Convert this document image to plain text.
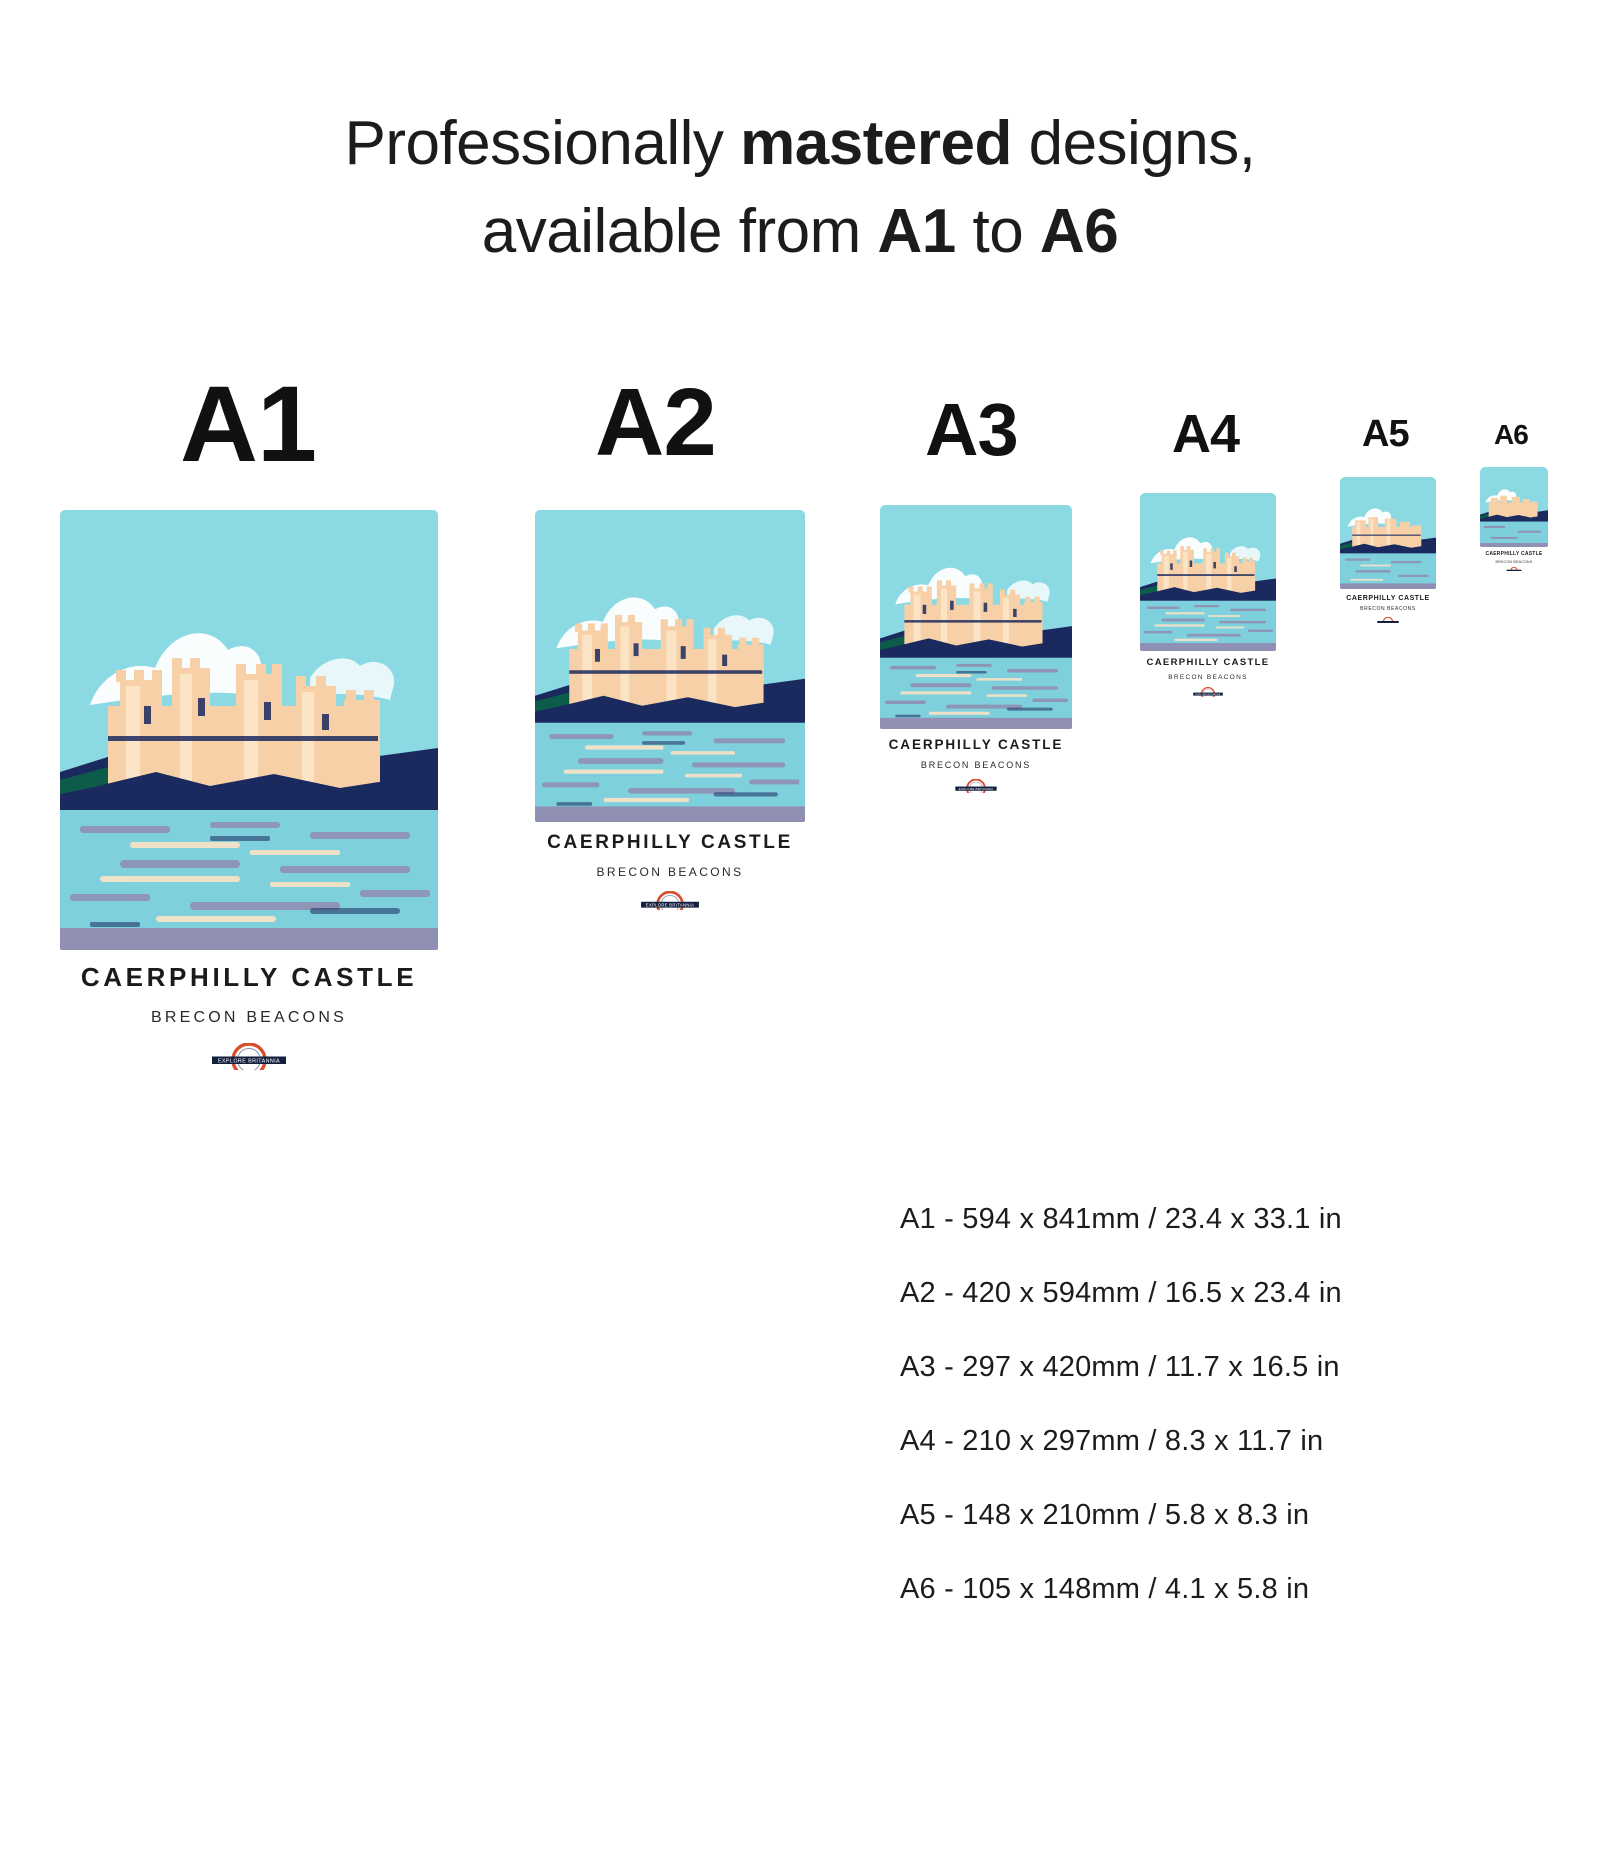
Professionally mastered designs,
available from A1 to A6
A1
CAERPHILLY CASTLE
BRECON BEACONS
EXPLORE BRITANNIA
A2
CAERPHILLY CASTLE
BRECON BEACONS
EXPLORE BRITANNIA
A3
CAERPHILLY CASTLE
BRECON BEACONS
EXPLORE BRITANNIA
A4
CAERPHILLY CASTLE
BRECON BEACONS
EXPLORE BRITANNIA
A5
CAERPHILLY CASTLE
BRECON BEACONS
A6
CAERPHILLY CASTLE
BRECON BEACONS
A1 - 594 x 841mm / 23.4 x 33.1 in
A2 - 420 x 594mm / 16.5 x 23.4 in
A3 - 297 x 420mm / 11.7 x 16.5 in
A4 - 210 x 297mm / 8.3 x 11.7 in
A5 - 148 x 210mm / 5.8 x 8.3 in
A6 - 105 x 148mm / 4.1 x 5.8 in
